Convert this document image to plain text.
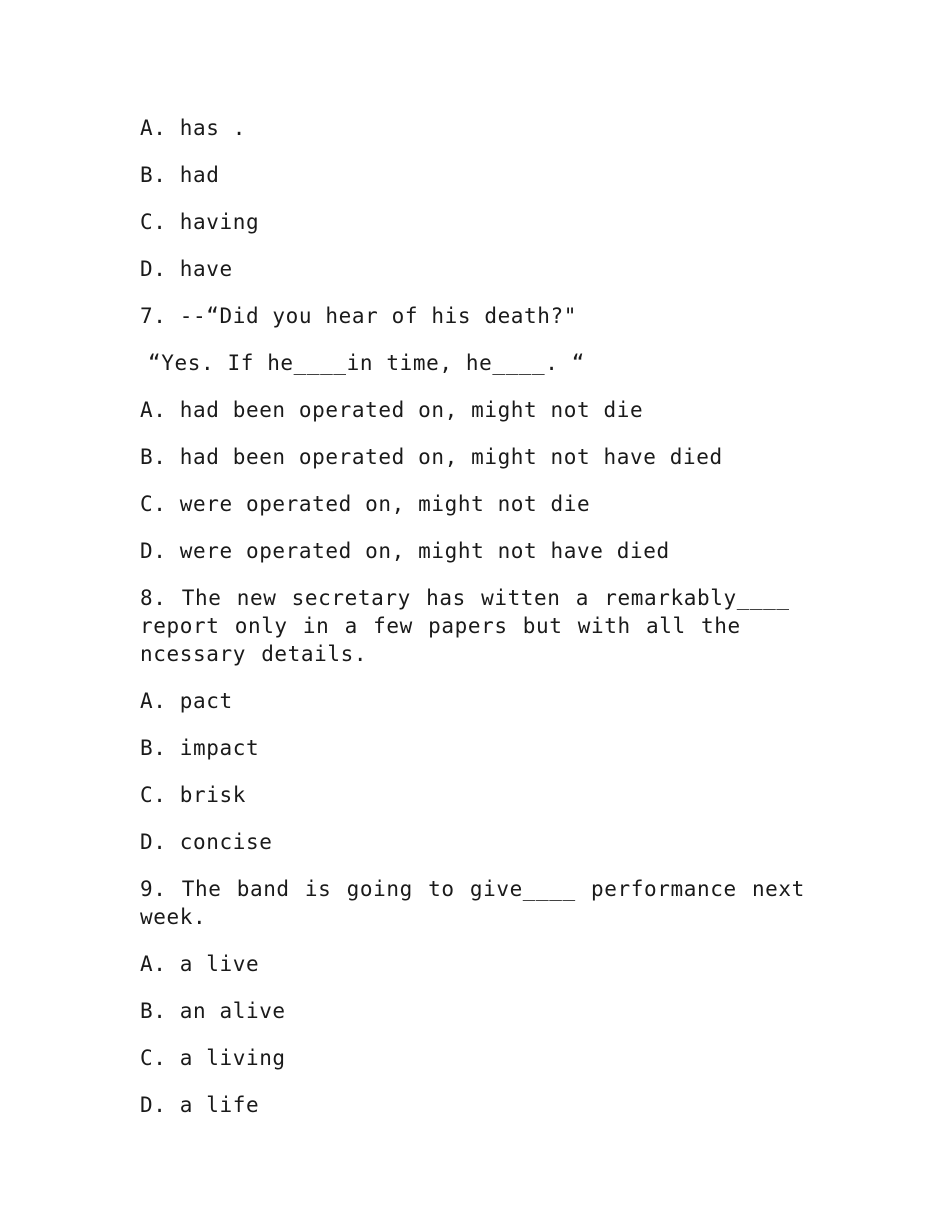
A. has .

B. had

C. having

D. have

7. --“Did you hear of his death?"

“Yes. If he____in time, he____. “

A. had been operated on, might not die

B. had been operated on, might not have died

C. were operated on, might not die

D. were operated on, might not have died

8. The new secretary has witten a remarkably____ report only in a few papers but with all the ncessary details.

A. pact

B. impact

C. brisk

D. concise

9. The band is going to give____ performance next week.

A. a live

B. an alive

C. a living

D. a life
